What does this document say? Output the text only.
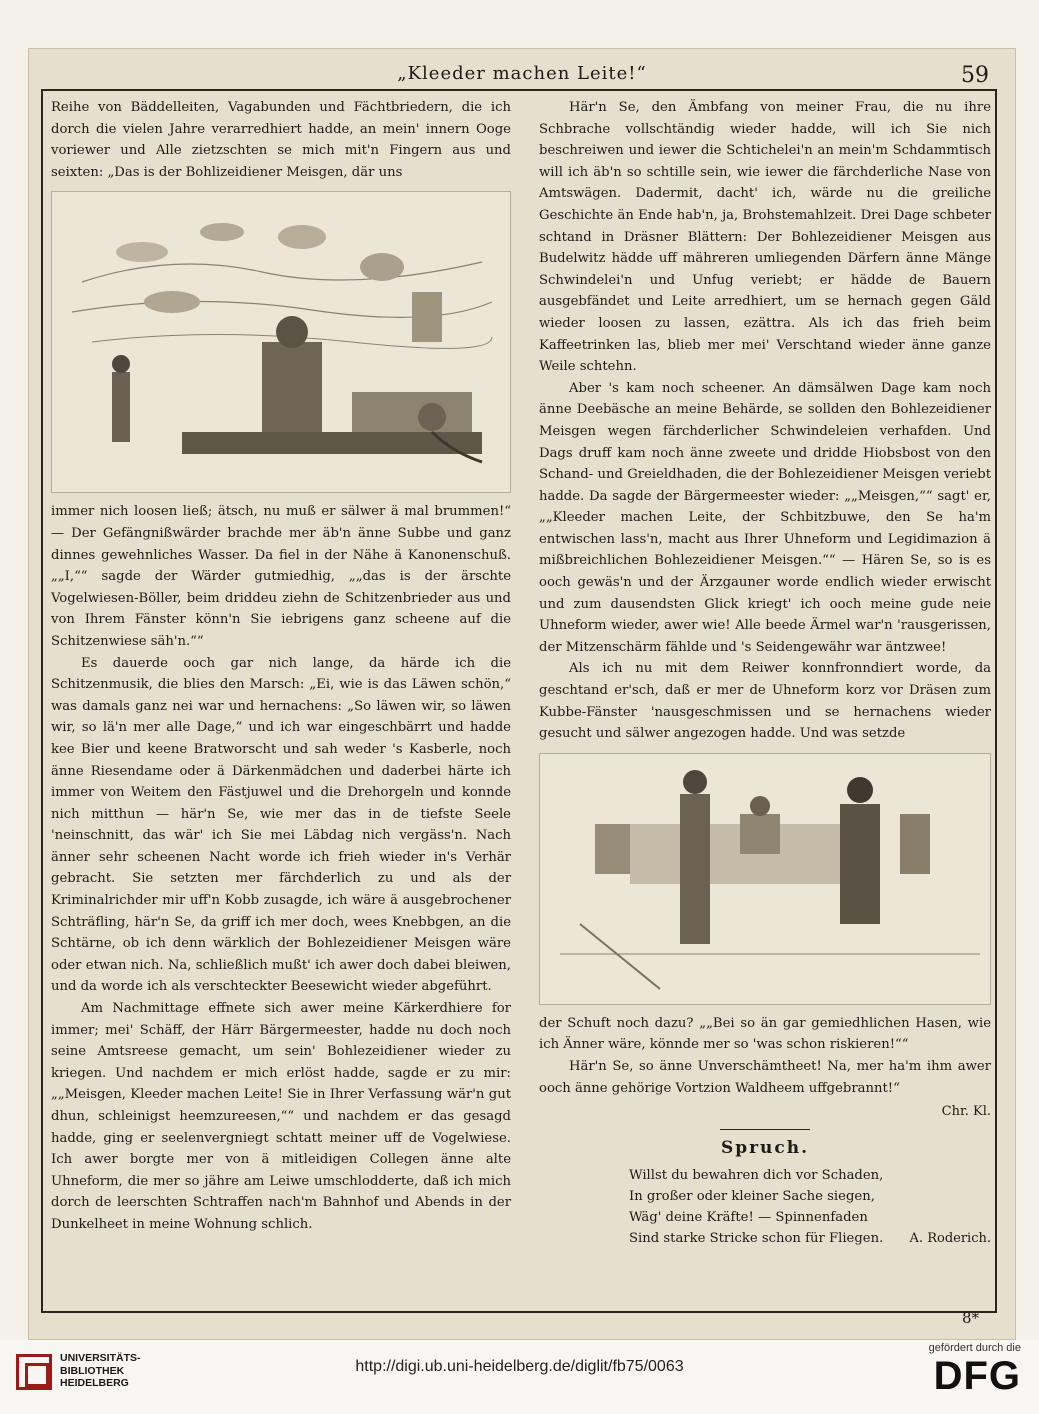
„Kleeder machen Leite!“	59

Reihe von Bäddelleiten, Vagabunden und Fächtbriedern, die ich dorch die vielen Jahre verarredhiert hadde, an mein' innern Ooge voriewer und Alle zietzschten se mich mit'n Fingern aus und seixten: „Das is der Bohlizeidiener Meisgen, där uns

immer nich loosen ließ; ätsch, nu muß er sälwer ä mal brummen!“ — Der Gefängnißwärder brachde mer äb'n änne Subbe und ganz dinnes gewehnliches Wasser. Da fiel in der Nähe ä Kanonenschuß. „„I,““ sagde der Wärder gutmiedhig, „„das is der ärschte Vogelwiesen-Böller, beim driddeu ziehn de Schitzenbrieder aus und von Ihrem Fänster könn'n Sie iebrigens ganz scheene auf die Schitzenwiese säh'n.““

Es dauerde ooch gar nich lange, da härde ich die Schitzenmusik, die blies den Marsch: „Ei, wie is das Läwen schön,“ was damals ganz nei war und hernachens: „So läwen wir, so läwen wir, so lä'n mer alle Dage,“ und ich war eingeschbärrt und hadde kee Bier und keene Bratworscht und sah weder 's Kasberle, noch änne Riesendame oder ä Därkenmädchen und daderbei härte ich immer von Weitem den Fästjuwel und die Drehorgeln und konnde nich mitthun — här'n Se, wie mer das in de tiefste Seele 'neinschnitt, das wär' ich Sie mei Läbdag nich vergäss'n. Nach änner sehr scheenen Nacht worde ich frieh wieder in's Verhär gebracht. Sie setzten mer färchderlich zu und als der Kriminalrichder mir uff'n Kobb zusagde, ich wäre ä ausgebrochener Schträfling, här'n Se, da griff ich mer doch, wees Knebbgen, an die Schtärne, ob ich denn wärklich der Bohlezeidiener Meisgen wäre oder etwan nich. Na, schließlich mußt' ich awer doch dabei bleiwen, und da worde ich als verschteckter Beesewicht wieder abgeführt.

Am Nachmittage effnete sich awer meine Kärkerdhiere for immer; mei' Schäff, der Härr Bärgermeester, hadde nu doch noch seine Amtsreese gemacht, um sein' Bohlezeidiener wieder zu kriegen. Und nachdem er mich erlöst hadde, sagde er zu mir: „„Meisgen, Kleeder machen Leite! Sie in Ihrer Verfassung wär'n gut dhun, schleinigst heemzureesen,““ und nachdem er das gesagd hadde, ging er seelenvergniegt schtatt meiner uff de Vogelwiese. Ich awer borgte mer von ä mitleidigen Collegen änne alte Uhneform, die mer so jähre am Leiwe umschlodderte, daß ich mich dorch de leerschten Schtraffen nach'm Bahnhof und Abends in der Dunkelheet in meine Wohnung schlich.

Här'n Se, den Ämbfang von meiner Frau, die nu ihre Schbrache vollschtändig wieder hadde, will ich Sie nich beschreiwen und iewer die Schtichelei'n an mein'm Schdammtisch will ich äb'n so schtille sein, wie iewer die färchderliche Nase von Amtswägen. Dadermit, dacht' ich, wärde nu die greiliche Geschichte än Ende hab'n, ja, Brohstemahlzeit. Drei Dage schbeter schtand in Dräsner Blättern: Der Bohlezeidiener Meisgen aus Budelwitz hädde uff mähreren umliegenden Därfern änne Mänge Schwindelei'n und Unfug veriebt; er hädde de Bauern ausgebfändet und Leite arredhiert, um se hernach gegen Gäld wieder loosen zu lassen, ezättra. Als ich das frieh beim Kaffeetrinken las, blieb mer mei' Verschtand wieder änne ganze Weile schtehn.

Aber 's kam noch scheener. An dämsälwen Dage kam noch änne Deebäsche an meine Behärde, se sollden den Bohlezeidiener Meisgen wegen färchderlicher Schwindeleien verhafden. Und Dags druff kam noch änne zweete und dridde Hiobsbost von den Schand- und Greieldhaden, die der Bohlezeidiener Meisgen veriebt hadde. Da sagde der Bärgermeester wieder: „„Meisgen,““ sagt' er, „„Kleeder machen Leite, der Schbitzbuwe, den Se ha'm entwischen lass'n, macht aus Ihrer Uhneform und Legidimazion ä mißbreichlichen Bohlezeidiener Meisgen.““ — Hären Se, so is es ooch gewäs'n und der Ärzgauner worde endlich wieder erwischt und zum dausendsten Glick kriegt' ich ooch meine gude neie Uhneform wieder, awer wie! Alle beede Ärmel war'n 'rausgerissen, der Mitzenschärm fählde und 's Seidengewähr war äntzwee!

Als ich nu mit dem Reiwer konnfronndiert worde, da geschtand er'sch, daß er mer de Uhneform korz vor Dräsen zum Kubbe-Fänster 'nausgeschmissen und se hernachens wieder gesucht und sälwer angezogen hadde. Und was setzde

der Schuft noch dazu? „„Bei so än gar gemiedhlichen Hasen, wie ich Änner wäre, könnde mer so 'was schon riskieren!““

Här'n Se, so änne Unverschämtheet! Na, mer ha'm ihm awer ooch änne gehörige Vortzion Waldheem uffgebrannt!“

Chr. Kl.
Spruch.
Willst du bewahren dich vor Schaden,
In großer oder kleiner Sache siegen,
Wäg' deine Kräfte! — Spinnenfaden
Sind starke Stricke schon für Fliegen. A. Roderich.
8*
UNIVERSITÄTS-
BIBLIOTHEK
HEIDELBERG
http://digi.ub.uni-heidelberg.de/diglit/fb75/0063
gefördert durch die
DFG
